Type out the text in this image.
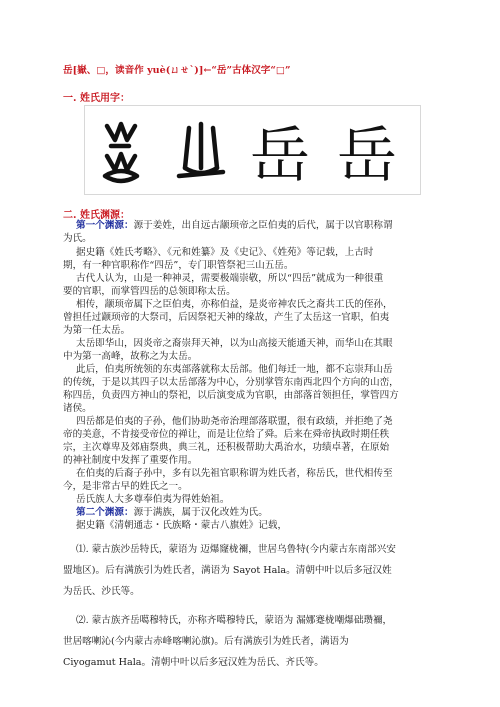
岳[嶽、□，读音作 yuè(ㄩㄝˋ)]←“岳”古体汉字“□”
一. 姓氏用字：
岳 岳
二. 姓氏渊源：
第一个渊源：源于姜姓，出自远古颛顼帝之臣伯夷的后代，属于以官职称谓
为氏。
据史籍《姓氏考略》、《元和姓纂》及《史记》、《姓苑》等记载，上古时
期，有一种官职称作“四岳”，专门职管祭祀三山五岳。
古代人认为，山是一种神灵，需要极端崇敬，所以“四岳”就成为一种很重
要的官职，而掌管四岳的总领即称太岳。
相传，颛顼帝属下之臣伯夷，亦称伯益，是炎帝神农氏之裔共工氏的侄孙，
曾担任过颛顼帝的大祭司，后因祭祀天神的缘故，产生了太岳这一官职，伯夷
为第一任太岳。
太岳即华山，因炎帝之裔崇拜天神，以为山高接天能通天神，而华山在其眼
中为第一高峰，故称之为太岳。
此后，伯夷所统领的东夷部落就称太岳部。他们每迁一地，都不忘崇拜山岳
的传统，于是以其四子以太岳部落为中心，分别掌管东南西北四个方向的山峦，
称四岳，负责四方神山的祭祀，以后演变成为官职，由部落首领担任，掌管四方
诸侯。
四岳都是伯夷的子孙，他们协助尧帝治理部落联盟，很有政绩，并拒绝了尧
帝的美意，不肯接受帝位的禅让，而是让位给了舜。后来在舜帝执政时期任秩
宗，主次尊卑及郊庙祭典，典三礼，还积极帮助大禹治水，功绩卓著，在原始
的神社制度中发挥了重要作用。
在伯夷的后裔子孙中，多有以先祖官职称谓为姓氏者，称岳氏，世代相传至
今，是非常古早的姓氏之一。
岳氏族人大多尊奉伯夷为得姓始祖。
第二个渊源：源于满族，属于汉化改姓为氏。
据史籍《清朝通志・氏族略・蒙古八旗姓》记载，
⑴. 蒙古族沙岳特氏，蒙语为 迈爆窿栊禰，世居乌鲁特(今内蒙古东南部兴安
盟地区)。后有满族引为姓氏者，满语为 Sayot Hala。清朝中叶以后多冠汉姓
为岳氏、沙氏等。
⑵. 蒙古族齐岳噶穆特氏，亦称齐噶穆特氏，蒙语为 漏娜蹇栊嘲爆础瓒禰，
世居喀喇沁(今内蒙古赤峰喀喇沁旗)。后有满族引为姓氏者，满语为
Ciyogamut Hala。清朝中叶以后多冠汉姓为岳氏、齐氏等。
